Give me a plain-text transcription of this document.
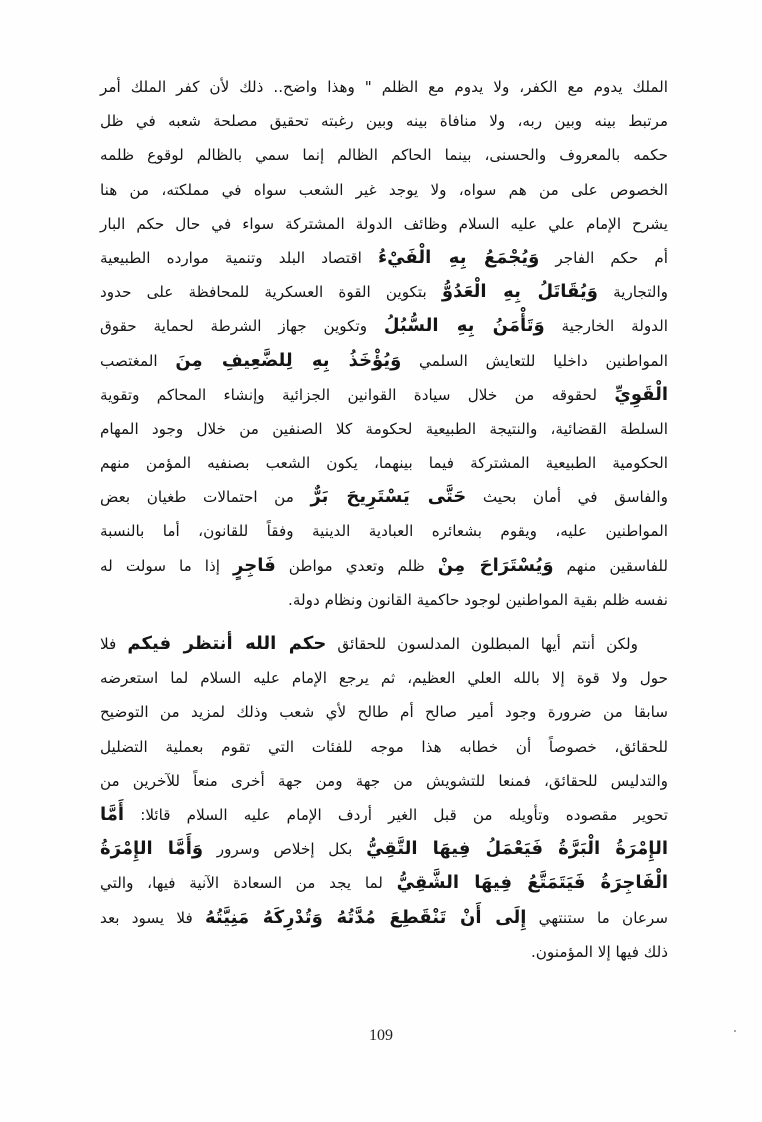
الملك يدوم مع الكفر، ولا يدوم مع الظلم " وهذا واضح.. ذلك لأن كفر الملك أمر
مرتبط بينه وبين ربه، ولا منافاة بينه وبين رغبته تحقيق مصلحة شعبه في ظل
حكمه بالمعروف والحسنى، بينما الحاكم الظالم إنما سمي بالظالم لوقوع ظلمه
الخصوص على من هم سواه، ولا يوجد غير الشعب سواه في مملكته، من هنا
يشرح الإمام علي عليه السلام وظائف الدولة المشتركة سواء في حال حكم البار
أم حكم الفاجر وَيُجْمَعُ بِهِ الْفَيْءُ اقتصاد البلد وتنمية موارده الطبيعية
والتجارية وَيُقَاتَلُ بِهِ الْعَدُوُّ بتكوين القوة العسكرية للمحافظة على حدود
الدولة الخارجية وَتَأْمَنُ بِهِ السُّبُلُ وتكوين جهاز الشرطة لحماية حقوق
المواطنين داخليا للتعايش السلمي وَيُؤْخَذُ بِهِ لِلضَّعِيفِ مِنَ المغتصب
الْقَوِيِّ لحقوقه من خلال سيادة القوانين الجزائية وإنشاء المحاكم وتقوية
السلطة القضائية، والنتيجة الطبيعية لحكومة كلا الصنفين من خلال وجود المهام
الحكومية الطبيعية المشتركة فيما بينهما، يكون الشعب بصنفيه المؤمن منهم
والفاسق في أمان بحيث حَتَّى يَسْتَرِيحَ بَرٌّ من احتمالات طغيان بعض
المواطنين عليه، ويقوم بشعائره العبادية الدينية وفقاً للقانون، أما بالنسبة
للفاسقين منهم وَيُسْتَرَاحَ مِنْ ظلم وتعدي مواطن فَاجِرٍ إذا ما سولت له
نفسه ظلم بقية المواطنين لوجود حاكمية القانون ونظام دولة.
ولكن أنتم أيها المبطلون المدلسون للحقائق حكم الله أنتظر فيكم فلا
حول ولا قوة إلا بالله العلي العظيم، ثم يرجع الإمام عليه السلام لما استعرضه
سابقا من ضرورة وجود أمير صالح أم طالح لأي شعب وذلك لمزيد من التوضيح
للحقائق، خصوصاً أن خطابه هذا موجه للفئات التي تقوم بعملية التضليل
والتدليس للحقائق، فمنعا للتشويش من جهة ومن جهة أخرى منعاً للآخرين من
تحوير مقصوده وتأويله من قبل الغير أردف الإمام عليه السلام قائلا: أَمَّا
الإِمْرَةُ الْبَرَّةُ فَيَعْمَلُ فِيهَا التَّقِيُّ بكل إخلاص وسرور وَأَمَّا الإِمْرَةُ
الْفَاجِرَةُ فَيَتَمَتَّعُ فِيهَا الشَّقِيُّ لما يجد من السعادة الآنية فيها، والتي
سرعان ما ستنتهي إِلَى أَنْ تَنْقَطِعَ مُدَّتُهُ وَتُدْرِكَهُ مَنِيَّتُهُ فلا يسود بعد
ذلك فيها إلا المؤمنون.
109
